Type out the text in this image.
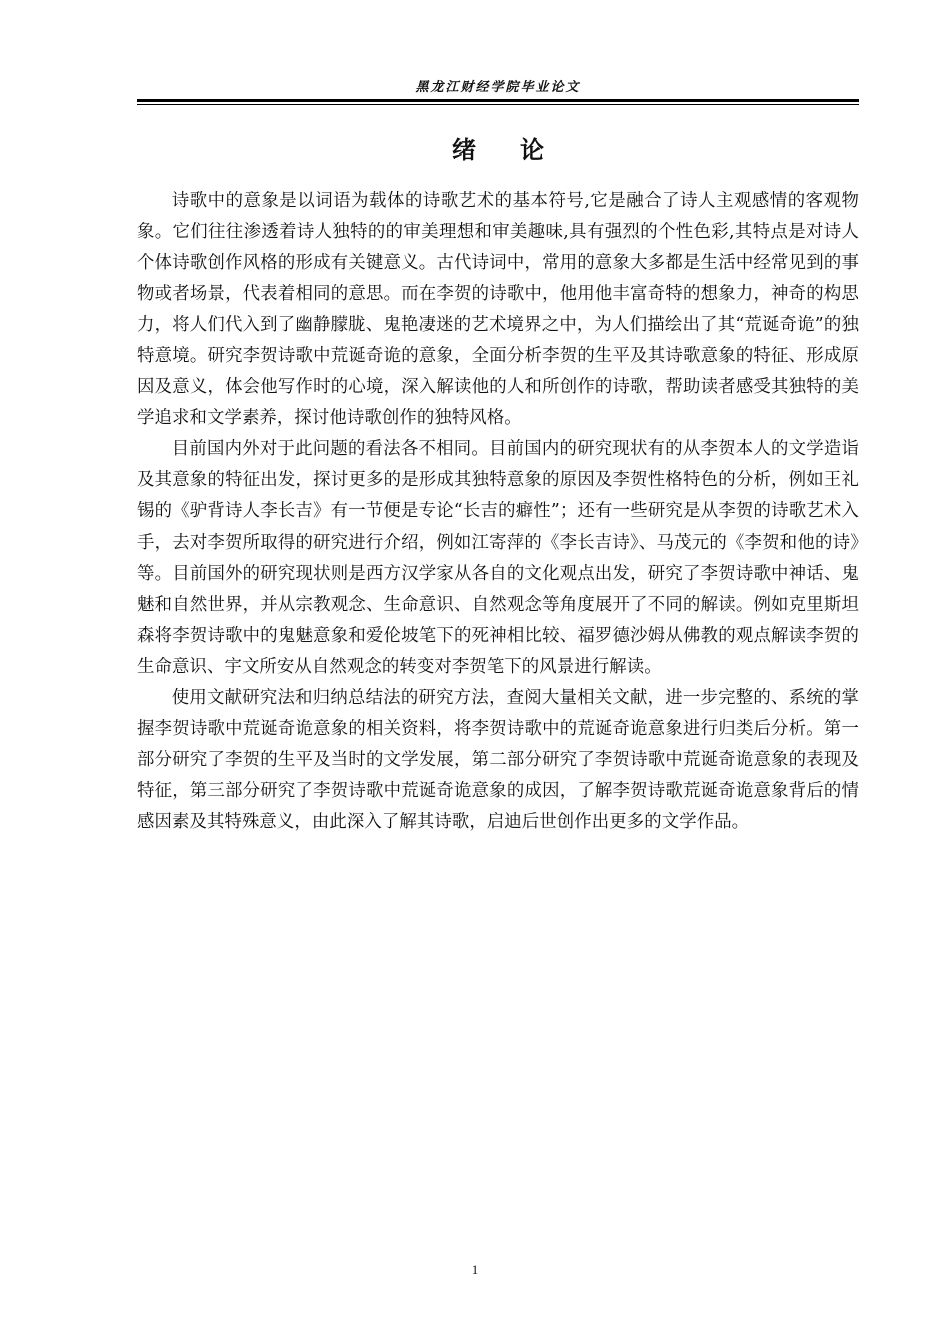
黑龙江财经学院毕业论文
绪论

诗歌中的意象是以词语为载体的诗歌艺术的基本符号,它是融合了诗人主观感情的客观物象。它们往往渗透着诗人独特的的审美理想和审美趣味,具有强烈的个性色彩,其特点是对诗人个体诗歌创作风格的形成有关键意义。古代诗词中，常用的意象大多都是生活中经常见到的事物或者场景，代表着相同的意思。而在李贺的诗歌中，他用他丰富奇特的想象力，神奇的构思力，将人们代入到了幽静朦胧、鬼艳凄迷的艺术境界之中，为人们描绘出了其“荒诞奇诡”的独特意境。研究李贺诗歌中荒诞奇诡的意象，全面分析李贺的生平及其诗歌意象的特征、形成原因及意义，体会他写作时的心境，深入解读他的人和所创作的诗歌，帮助读者感受其独特的美学追求和文学素养，探讨他诗歌创作的独特风格。

目前国内外对于此问题的看法各不相同。目前国内的研究现状有的从李贺本人的文学造诣及其意象的特征出发，探讨更多的是形成其独特意象的原因及李贺性格特色的分析，例如王礼锡的《驴背诗人李长吉》有一节便是专论“长吉的癖性”；还有一些研究是从李贺的诗歌艺术入手，去对李贺所取得的研究进行介绍，例如江寄萍的《李长吉诗》、马茂元的《李贺和他的诗》等。目前国外的研究现状则是西方汉学家从各自的文化观点出发，研究了李贺诗歌中神话、鬼魅和自然世界，并从宗教观念、生命意识、自然观念等角度展开了不同的解读。例如克里斯坦森将李贺诗歌中的鬼魅意象和爱伦坡笔下的死神相比较、福罗德沙姆从佛教的观点解读李贺的生命意识、宇文所安从自然观念的转变对李贺笔下的风景进行解读。

使用文献研究法和归纳总结法的研究方法，查阅大量相关文献，进一步完整的、系统的掌握李贺诗歌中荒诞奇诡意象的相关资料，将李贺诗歌中的荒诞奇诡意象进行归类后分析。第一部分研究了李贺的生平及当时的文学发展，第二部分研究了李贺诗歌中荒诞奇诡意象的表现及特征，第三部分研究了李贺诗歌中荒诞奇诡意象的成因，了解李贺诗歌荒诞奇诡意象背后的情感因素及其特殊意义，由此深入了解其诗歌，启迪后世创作出更多的文学作品。

1
